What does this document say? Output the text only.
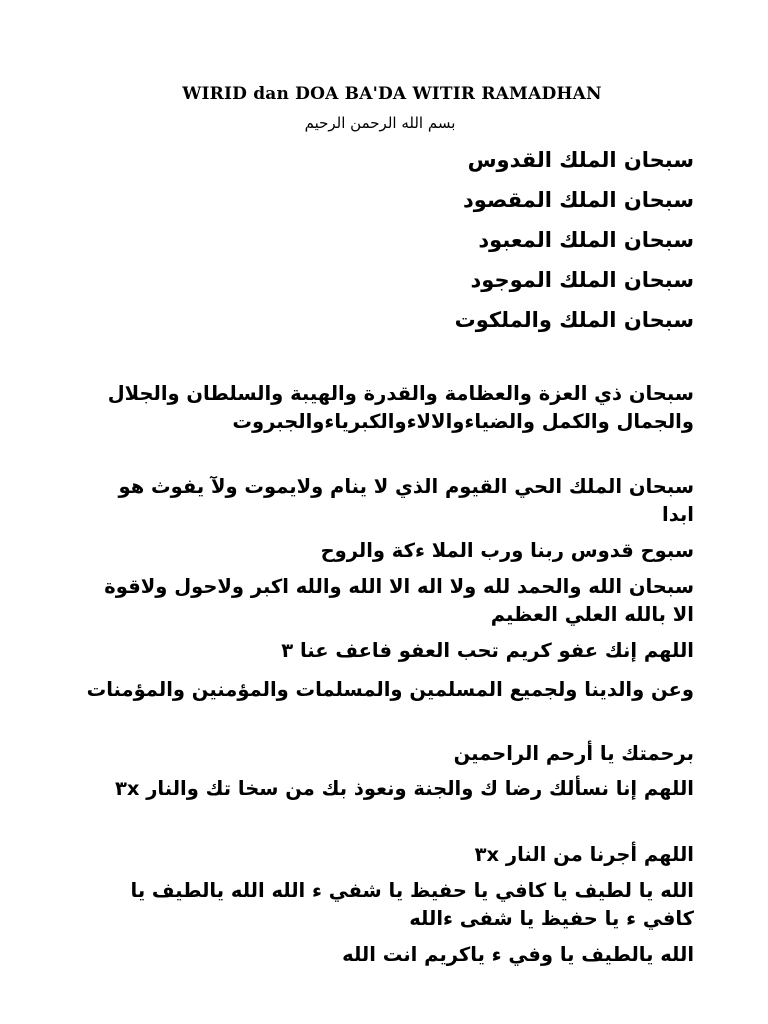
WIRID dan DOA BA'DA WITIR RAMADHAN
بسم الله الرحمن الرحيم
سبحان الملك القدوس
سبحان الملك المقصود
سبحان الملك المعبود
سبحان الملك الموجود
سبحان الملك والملكوت
سبحان ذي العزة والعظامة والقدرة والهيبة والسلطان والجلال والجمال والكمل والضياءوالالاءوالكبرياءوالجبروت
سبحان الملك الحي القيوم الذي لا ينام ولايموت ولآ يفوث هو ابدا
سبوح قدوس ربنا ورب الملا ءكة والروح
سبحان الله والحمد لله ولا اله الا الله والله اكبر ولاحول ولاقوة الا بالله العلي العظيم
اللهم إنك عفو كريم تحب العفو فاعف عنا ٣
وعن والدينا ولجميع المسلمين والمسلمات والمؤمنين والمؤمنات
برحمتك يا أرحم الراحمين
اللهم إنا نسألك رضا ك والجنة ونعوذ بك من سخا تك والنار ٣x
اللهم أجرنا من النار ٣x
الله يا لطيف يا كافي يا حفيظ يا شفي ء الله الله يالطيف يا كافي ء يا حفيظ يا شفى ءالله
الله يالطيف يا وفي ء ياكريم انت الله
